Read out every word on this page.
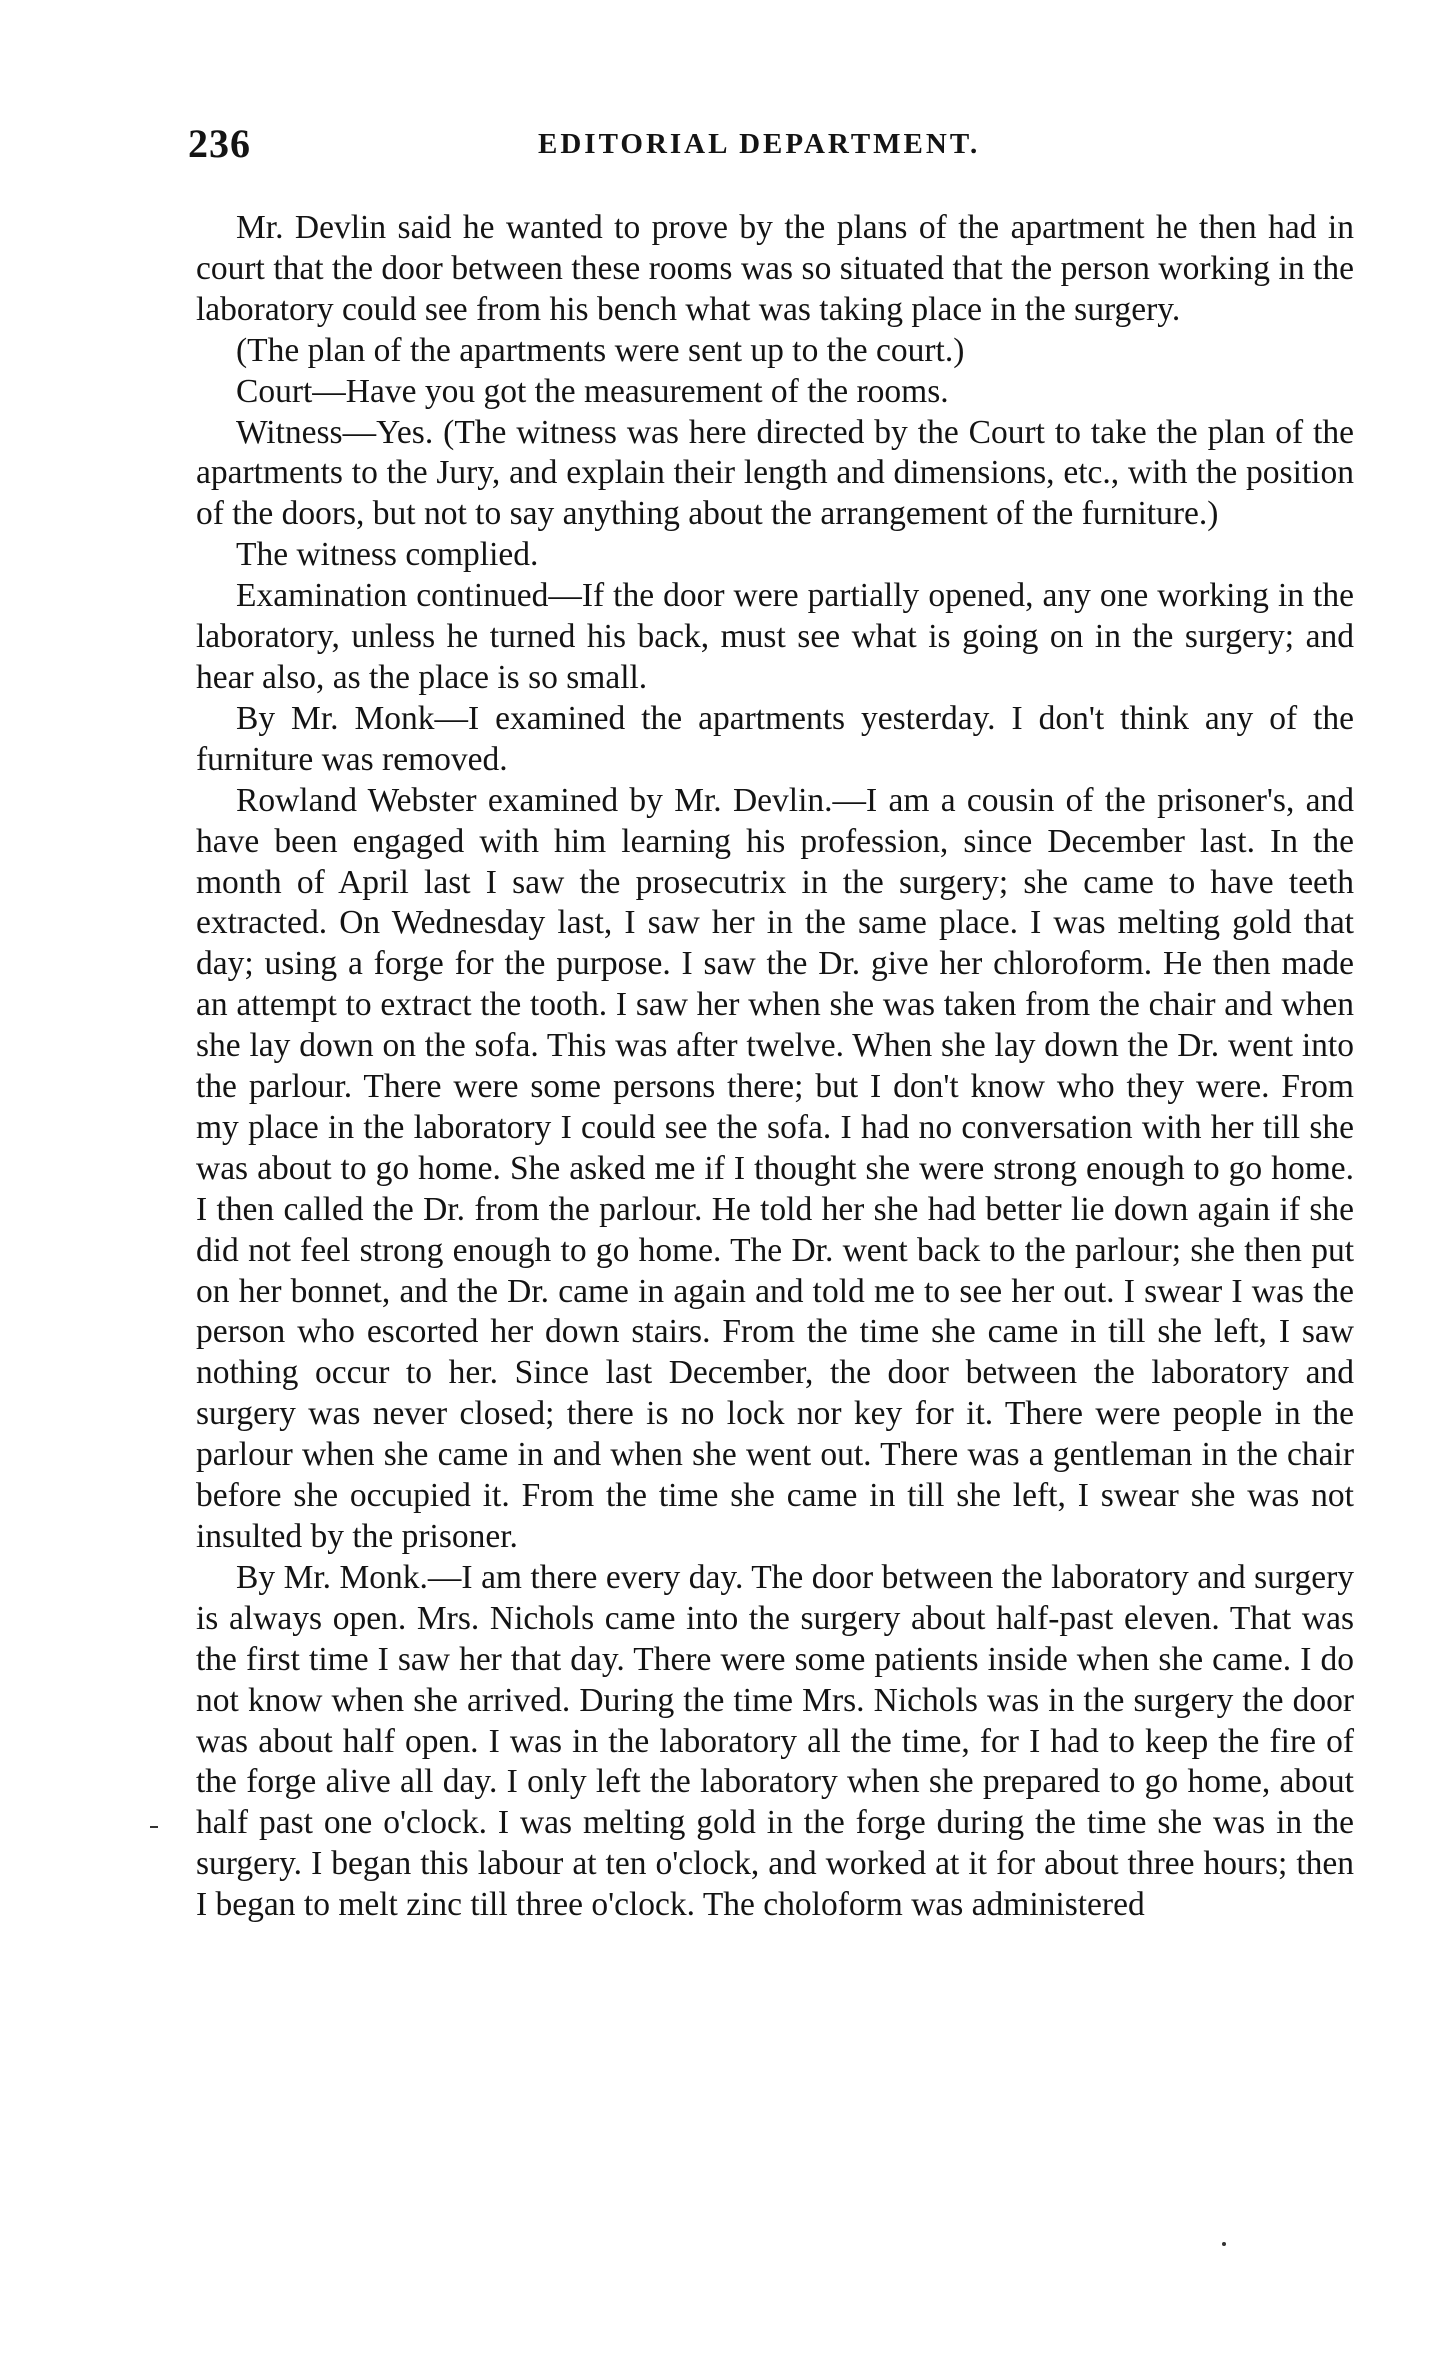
236	EDITORIAL DEPARTMENT.

Mr. Devlin said he wanted to prove by the plans of the apartment he then had in court that the door between these rooms was so situated that the person working in the laboratory could see from his bench what was taking place in the surgery.

(The plan of the apartments were sent up to the court.)

Court—Have you got the measurement of the rooms.

Witness—Yes. (The witness was here directed by the Court to take the plan of the apartments to the Jury, and explain their length and dimensions, etc., with the position of the doors, but not to say anything about the arrangement of the furniture.)

The witness complied.

Examination continued—If the door were partially opened, any one working in the laboratory, unless he turned his back, must see what is going on in the surgery; and hear also, as the place is so small.

By Mr. Monk—I examined the apartments yesterday. I don't think any of the furniture was removed.

Rowland Webster examined by Mr. Devlin.—I am a cousin of the prisoner's, and have been engaged with him learning his profession, since December last. In the month of April last I saw the prosecutrix in the surgery; she came to have teeth extracted. On Wednesday last, I saw her in the same place. I was melting gold that day; using a forge for the purpose. I saw the Dr. give her chloroform. He then made an attempt to extract the tooth. I saw her when she was taken from the chair and when she lay down on the sofa. This was after twelve. When she lay down the Dr. went into the parlour. There were some persons there; but I don't know who they were. From my place in the laboratory I could see the sofa. I had no conversation with her till she was about to go home. She asked me if I thought she were strong enough to go home. I then called the Dr. from the parlour. He told her she had better lie down again if she did not feel strong enough to go home. The Dr. went back to the parlour; she then put on her bonnet, and the Dr. came in again and told me to see her out. I swear I was the person who escorted her down stairs. From the time she came in till she left, I saw nothing occur to her. Since last December, the door between the laboratory and surgery was never closed; there is no lock nor key for it. There were people in the parlour when she came in and when she went out. There was a gentleman in the chair before she occupied it. From the time she came in till she left, I swear she was not insulted by the prisoner.

By Mr. Monk.—I am there every day. The door between the laboratory and surgery is always open. Mrs. Nichols came into the surgery about half-past eleven. That was the first time I saw her that day. There were some patients inside when she came. I do not know when she arrived. During the time Mrs. Nichols was in the surgery the door was about half open. I was in the laboratory all the time, for I had to keep the fire of the forge alive all day. I only left the laboratory when she prepared to go home, about half past one o'clock. I was melting gold in the forge during the time she was in the surgery. I began this labour at ten o'clock, and worked at it for about three hours; then I began to melt zinc till three o'clock. The choloform was administered
